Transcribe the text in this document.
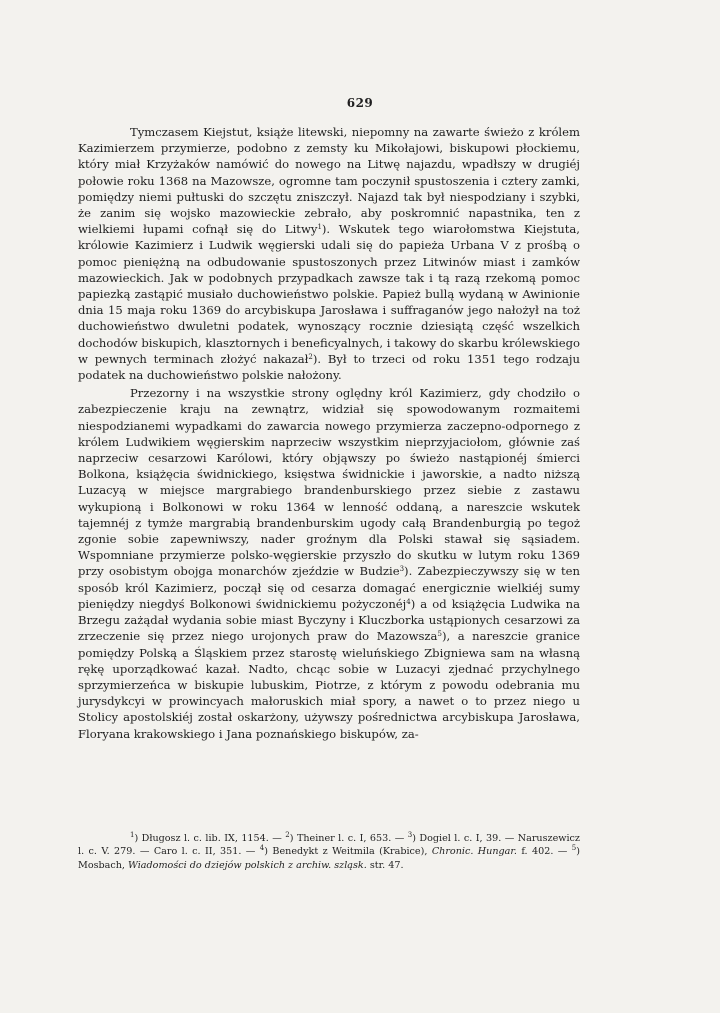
629

Tymczasem Kiejstut, książe litewski, niepomny na zawarte świeżo z królem Kazimierzem przymierze, podobno z zemsty ku Mikołajowi, biskupowi płockiemu, który miał Krzyżaków namówić do nowego na Litwę najazdu, wpadłszy w drugiéj połowie roku 1368 na Mazowsze, ogromne tam poczynił spustoszenia i cztery zamki, pomiędzy niemi pułtuski do szczętu zniszczył. Najazd tak był niespodziany i szybki, że zanim się wojsko mazowieckie zebrało, aby poskromnić napastnika, ten z wielkiemi łupami cofnął się do Litwy$^1$). Wskutek tego wiarołomstwa Kiejstuta, królowie Kazimierz i Ludwik węgierski udali się do papieża Urbana V z prośbą o pomoc pieniężną na odbudowanie spustoszonych przez Litwinów miast i zamków mazowieckich. Jak w podobnych przypadkach zawsze tak i tą razą rzekomą pomoc papiezką zastąpić musiało duchowieństwo polskie. Papież bullą wydaną w Awinionie dnia 15 maja roku 1369 do arcybiskupa Jarosława i suffraganów jego nałożył na toż duchowieństwo dwuletni podatek, wynoszący rocznie dziesiątą część wszelkich dochodów biskupich, klasztornych i beneficyalnych, i takowy do skarbu królewskiego w pewnych terminach złożyć nakazał$^2$). Był to trzeci od roku 1351 tego rodzaju podatek na duchowieństwo polskie nałożony.

Przezorny i na wszystkie strony oględny król Kazimierz, gdy chodziło o zabezpieczenie kraju na zewnątrz, widział się spowodowanym rozmaitemi niespodzianemi wypadkami do zawarcia nowego przymierza zaczepno-odpornego z królem Ludwikiem węgierskim naprzeciw wszystkim nieprzyjaciołom, głównie zaś naprzeciw cesarzowi Karólowi, który objąwszy po świeżo nastąpionéj śmierci Bolkona, książęcia świdnickiego, księstwa świdnickie i jaworskie, a nadto niższą Luzacyą w miejsce margrabiego brandenburskiego przez siebie z zastawu wykupioną i Bolkonowi w roku 1364 w lenność oddaną, a nareszcie wskutek tajemnéj z tymże margrabią brandenburskim ugody całą Brandenburgią po tegoż zgonie sobie zapewniwszy, nader groźnym dla Polski stawał się sąsiadem. Wspomniane przymierze polsko-węgierskie przyszło do skutku w lutym roku 1369 przy osobistym obojga monarchów zjeździe w Budzie$^3$). Zabezpieczywszy się w ten sposób król Kazimierz, począł się od cesarza domagać energicznie wielkiéj sumy pieniędzy niegdyś Bolkonowi świdnickiemu pożyczonéj$^4$) a od książęcia Ludwika na Brzegu zażądał wydania sobie miast Byczyny i Kluczborka ustąpionych cesarzowi za zrzeczenie się przez niego urojonych praw do Mazowsza$^5$), a nareszcie granice pomiędzy Polską a Śląskiem przez starostę wieluńskiego Zbigniewa sam na własną rękę uporządkować kazał. Nadto, chcąc sobie w Luzacyi zjednać przychylnego sprzymierzeńca w biskupie lubuskim, Piotrze, z którym z powodu odebrania mu jurysdykcyi w prowincyach małoruskich miał spory, a nawet o to przez niego u Stolicy apostolskiéj został oskarżony, używszy pośrednictwa arcybiskupa Jarosława, Floryana krakowskiego i Jana poznańskiego biskupów, za-

$^1$) Długosz l. c. lib. IX, 1154. — $^2$) Theiner l. c. I, 653. — $^3$) Dogiel l. c. I, 39. — Naruszewicz l. c. V. 279. — Caro l. c. II, 351. — $^4$) Benedykt z Weitmila (Krabice), Chronic. Hungar. f. 402. — $^5$) Mosbach, Wiadomości do dziejów polskich z archiw. szląsk. str. 47.
